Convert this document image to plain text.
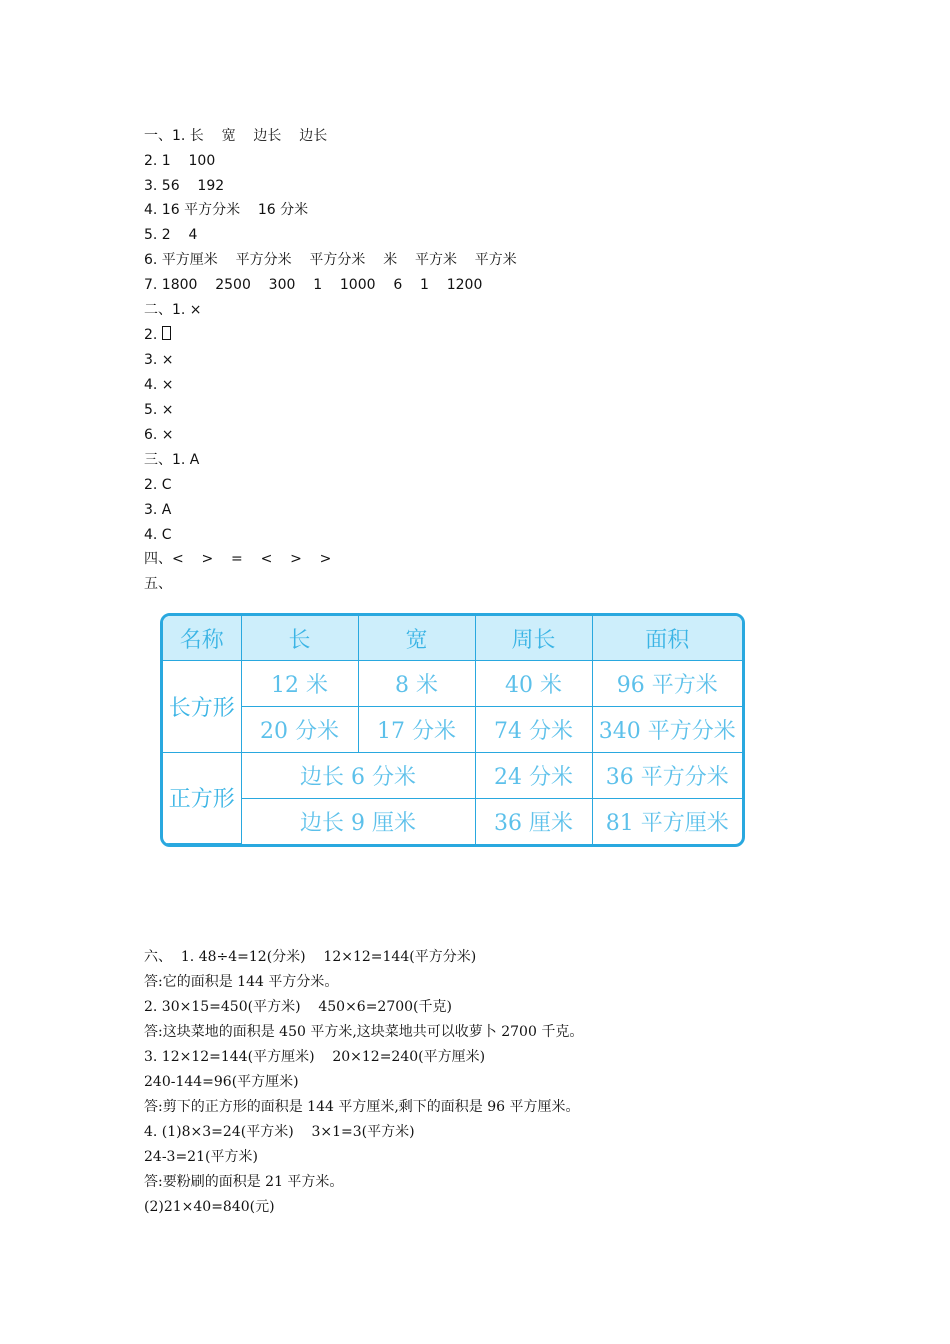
一、1. 长    宽    边长    边长
2. 1    100
3. 56    192
4. 16 平方分米    16 分米
5. 2    4
6. 平方厘米    平方分米    平方分米    米    平方米    平方米
7. 1800    2500    300    1    1000    6    1    1200
二、1. ×
2.
3. ×
4. ×
5. ×
6. ×
三、1. A
2. C
3. A
4. C
四、<    >    =    <    >    >
五、
名称	长	宽	周长	面积
长方形	12 米	8 米	40 米	96 平方米
	20 分米	17 分米	74 分米	340 平方分米
正方形	边长 6 分米		24 分米	36 平方分米
	边长 9 厘米		36 厘米	81 平方厘米
六、  1. 48÷4=12(分米)    12×12=144(平方分米)
答:它的面积是 144 平方分米。
2. 30×15=450(平方米)    450×6=2700(千克)
答:这块菜地的面积是 450 平方米,这块菜地共可以收萝卜 2700 千克。
3. 12×12=144(平方厘米)    20×12=240(平方厘米)
240-144=96(平方厘米)
答:剪下的正方形的面积是 144 平方厘米,剩下的面积是 96 平方厘米。
4. (1)8×3=24(平方米)    3×1=3(平方米)
24-3=21(平方米)
答:要粉刷的面积是 21 平方米。
(2)21×40=840(元)
